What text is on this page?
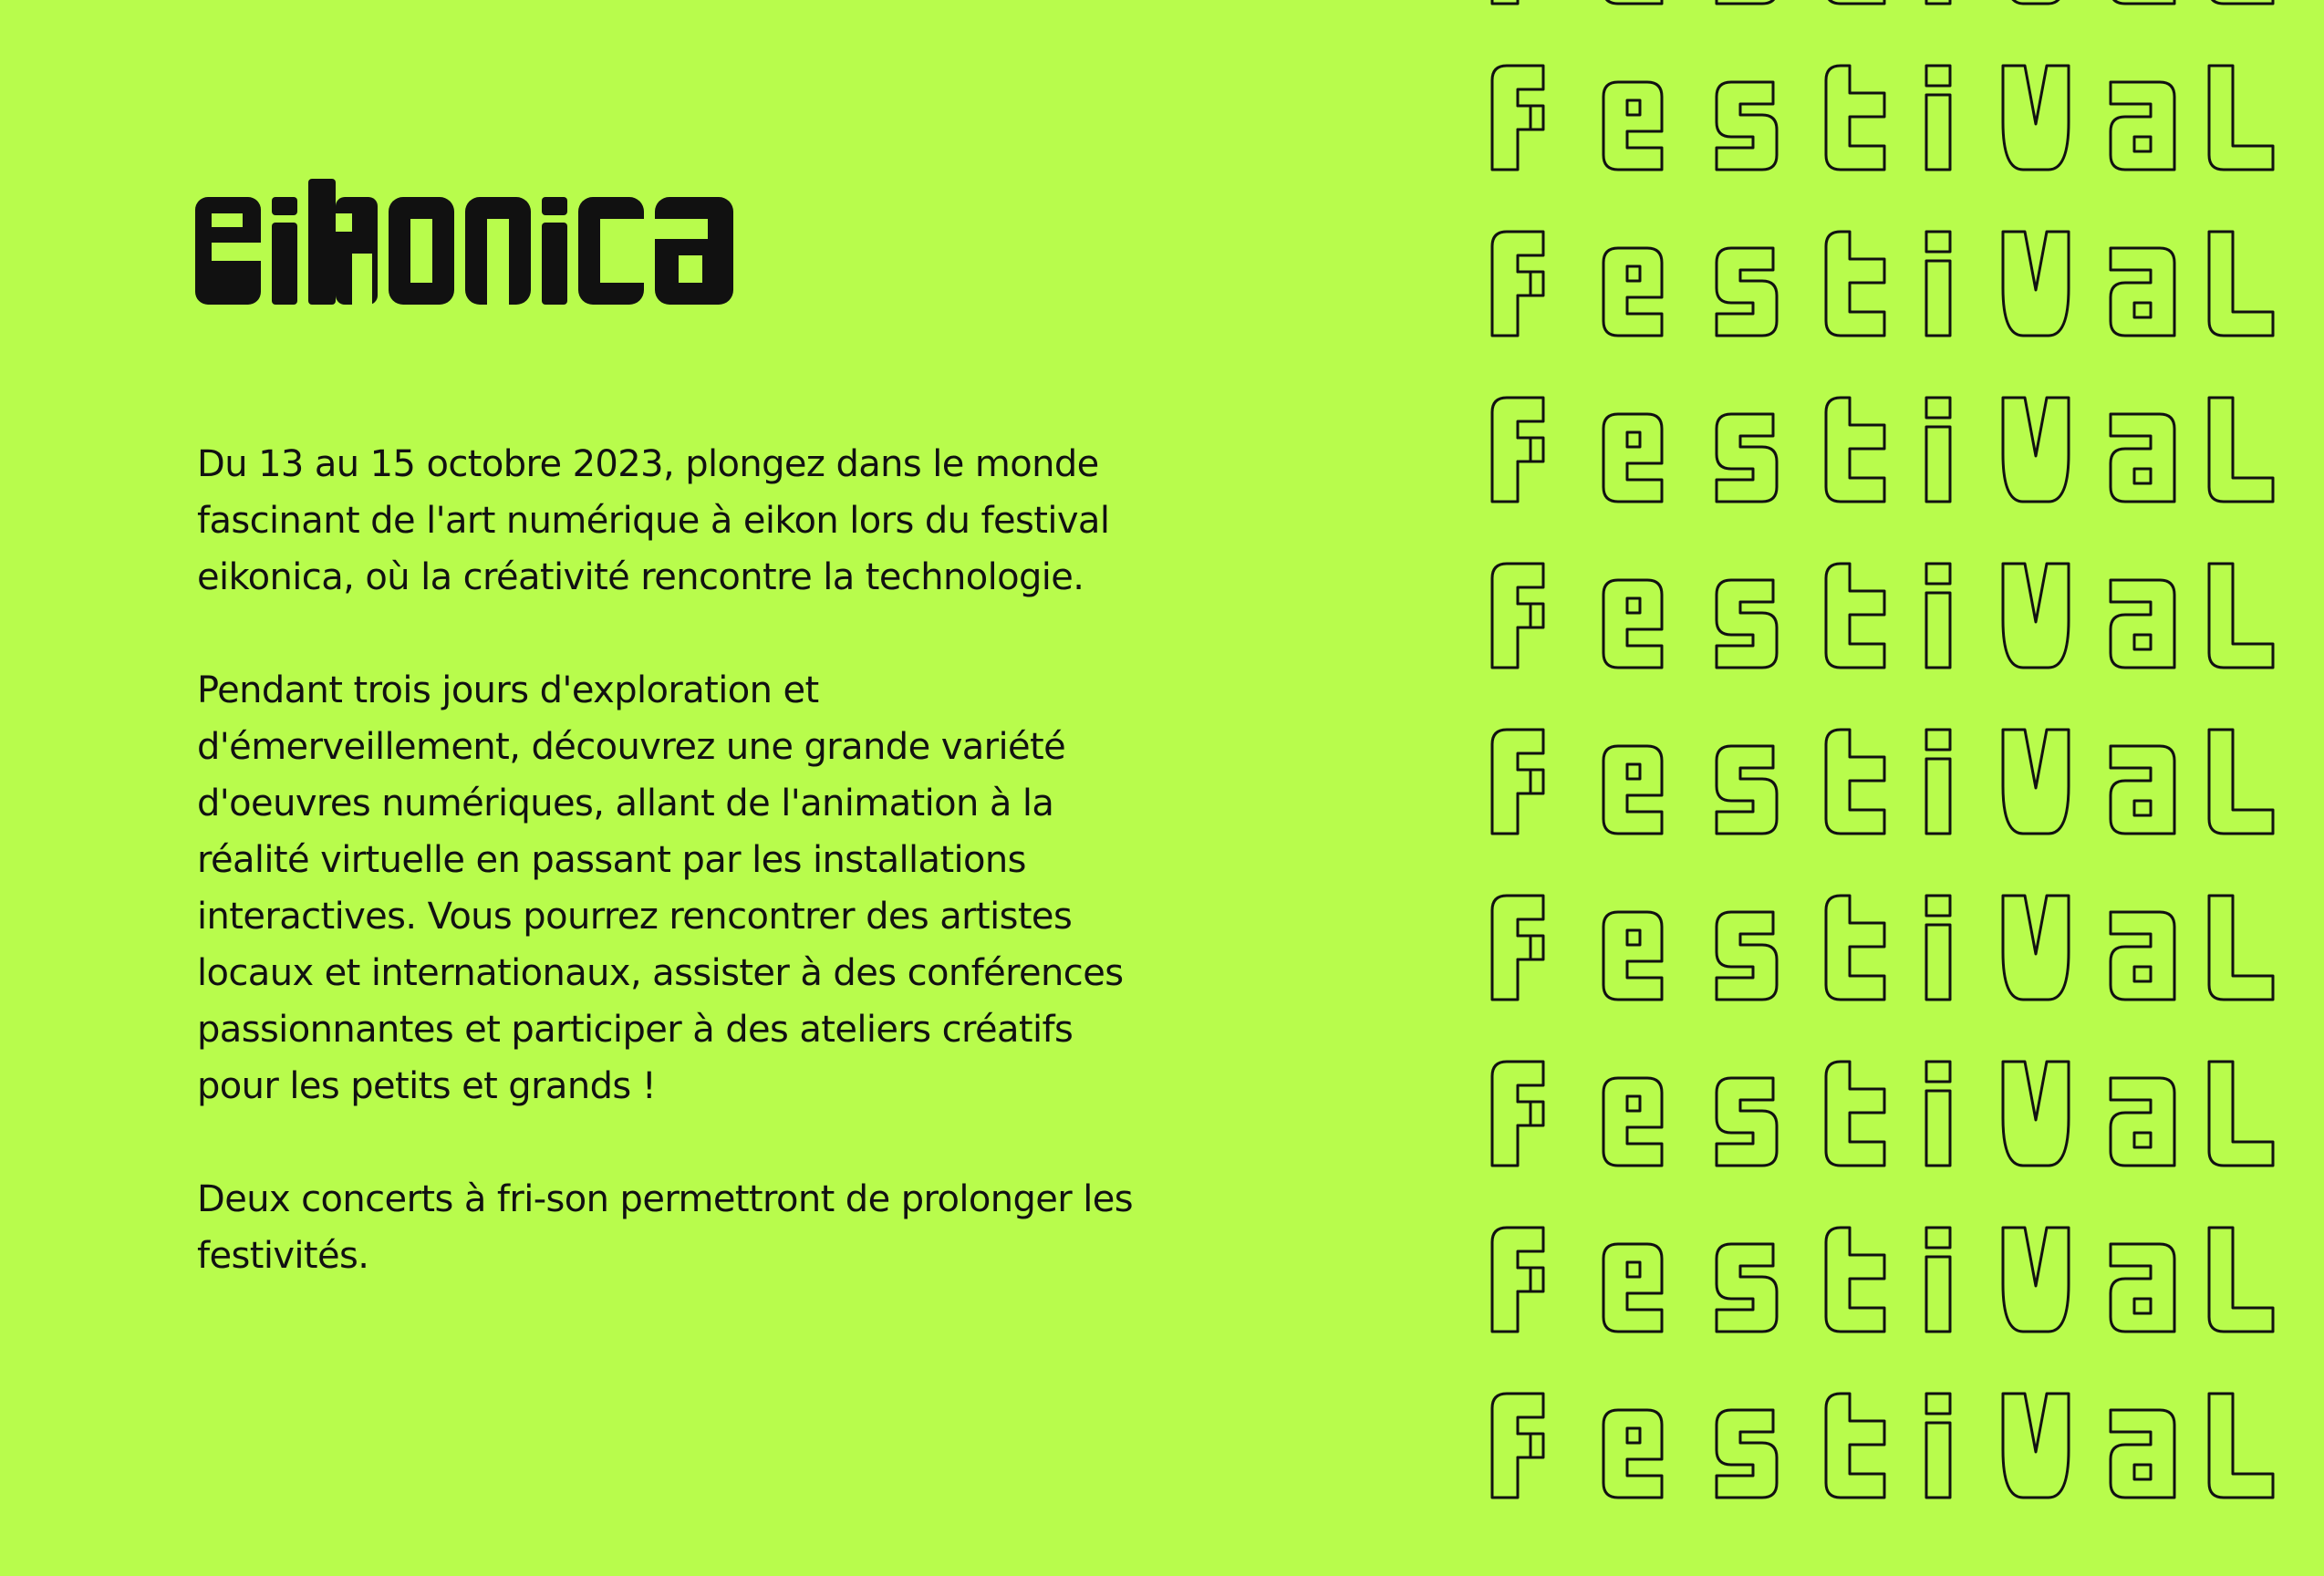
Du 13 au 15 octobre 2023, plongez dans le monde fascinant de l'art numérique à eikon lors du festival eikonica, où la créativité rencontre la technologie.

Pendant trois jours d'exploration et d'émerveillement, découvrez une grande variété d'oeuvres numériques, allant de l'animation à la réalité virtuelle en passant par les installations interactives. Vous pourrez rencontrer des artistes locaux et internationaux, assister à des conférences passionnantes et participer à des ateliers créatifs pour les petits et grands !

Deux concerts à fri-son permettront de prolonger les festivités.
